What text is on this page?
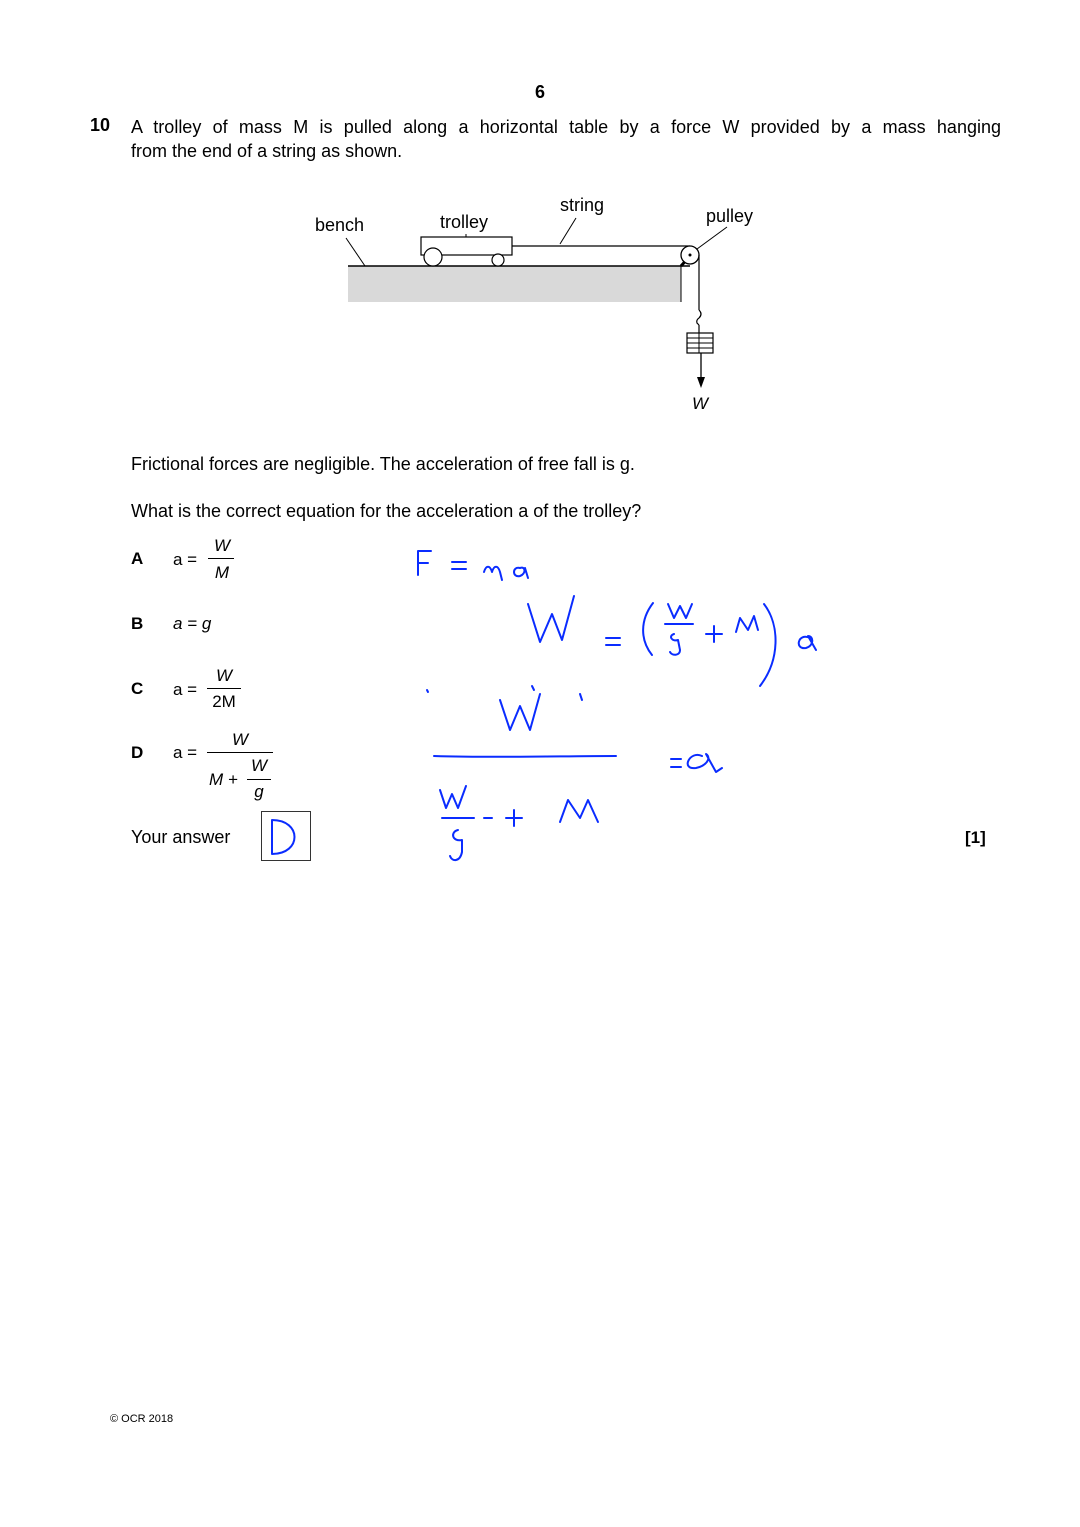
6
10 A trolley of mass M is pulled along a horizontal table by a force W provided by a mass hanging
from the end of a string as shown.
bench	trolley
string
pulley
W
Frictional forces are negligible. The acceleration of free fall is g.
What is the correct equation for the acceleration a of the trolley?
A a =
W
M
B a = g
C a =
W
2M
D a =
W
M +
W
g
Your answer	[1]
© OCR 2018
